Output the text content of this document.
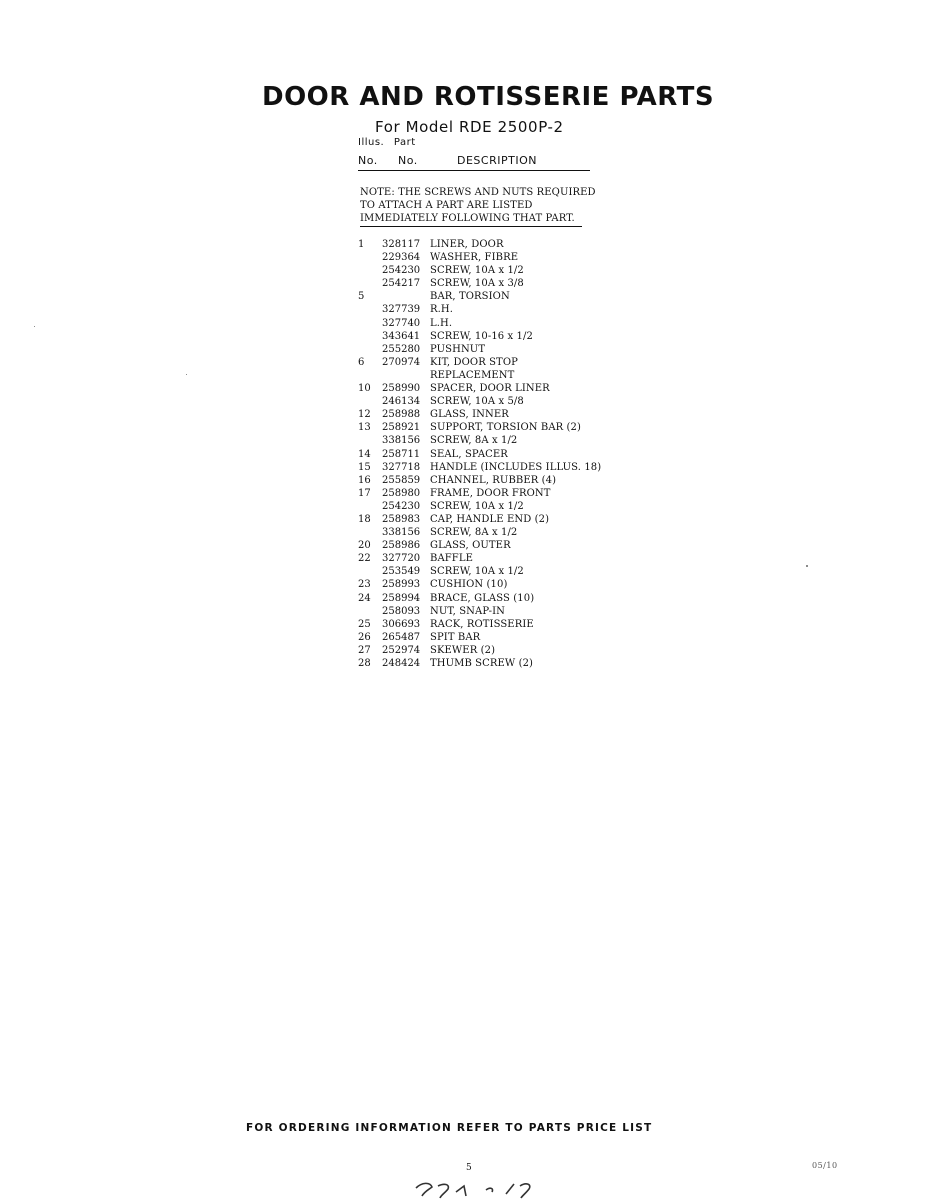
DOOR AND ROTISSERIE PARTS
For Model RDE 2500P-2
Illus. Part
No. No.	DESCRIPTION
NOTE: THE SCREWS AND NUTS REQUIRED
TO ATTACH A PART ARE LISTED
IMMEDIATELY FOLLOWING THAT PART.
1	328117 LINER, DOOR
229364 WASHER, FIBRE
254230 SCREW, 10A x 1/2
254217 SCREW, 10A x 3/8
5	BAR, TORSION
327739 R.H.
327740 L.H.
343641 SCREW, 10-16 x 1/2
255280 PUSHNUT
6	270974 KIT, DOOR STOP
REPLACEMENT
10	258990 SPACER, DOOR LINER
246134 SCREW, 10A x 5/8
12	258988 GLASS, INNER
13	258921 SUPPORT, TORSION BAR (2)
338156 SCREW, 8A x 1/2
14	258711 SEAL, SPACER
15	327718 HANDLE (INCLUDES ILLUS. 18)
16	255859 CHANNEL, RUBBER (4)
17	258980 FRAME, DOOR FRONT
254230 SCREW, 10A x 1/2
18	258983 CAP, HANDLE END (2)
338156 SCREW, 8A x 1/2
20	258986 GLASS, OUTER
22	327720 BAFFLE
253549 SCREW, 10A x 1/2
23	258993 CUSHION (10)
24	258994 BRACE, GLASS (10)
258093 NUT, SNAP-IN
25	306693 RACK, ROTISSERIE
26	265487 SPIT BAR
27	252974 SKEWER (2)
28	248424 THUMB SCREW (2)
FOR ORDERING INFORMATION REFER TO PARTS PRICE LIST
5	05/10
